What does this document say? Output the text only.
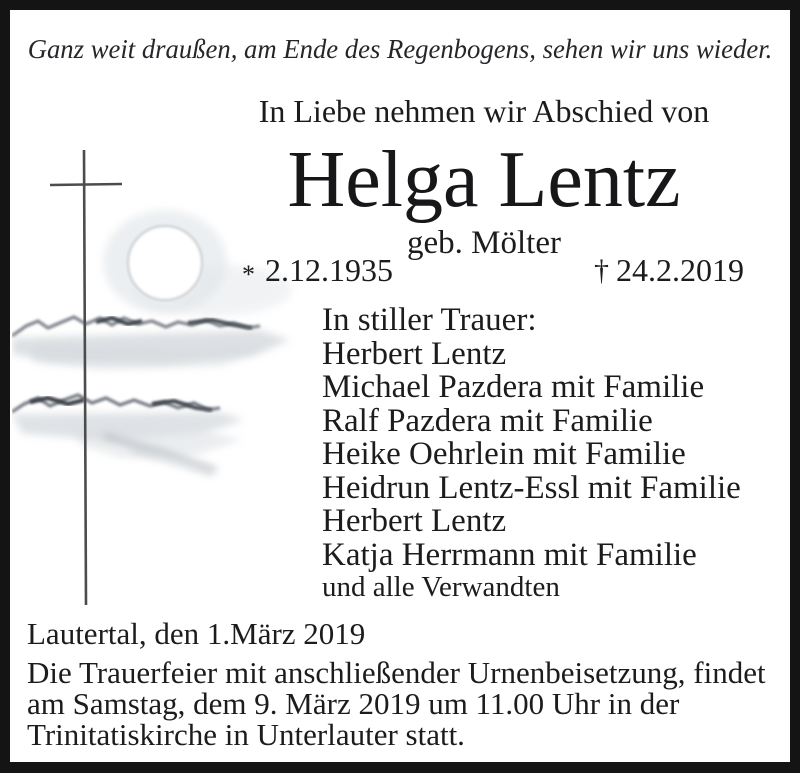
Ganz weit draußen, am Ende des Regenbogens, sehen wir uns wieder.
In Liebe nehmen wir Abschied von
Helga Lentz
geb. Mölter
* 2.12.1935	† 24.2.2019
In stiller Trauer:
Herbert Lentz
Michael Pazdera mit Familie
Ralf Pazdera mit Familie
Heike Oehrlein mit Familie
Heidrun Lentz-Essl mit Familie
Herbert Lentz
Katja Herrmann mit Familie
und alle Verwandten
Lautertal, den 1.März 2019
Die Trauerfeier mit anschließender Urnenbeisetzung, findet
am Samstag, dem 9. März 2019 um 11.00 Uhr in der
Trinitatiskirche in Unterlauter statt.
